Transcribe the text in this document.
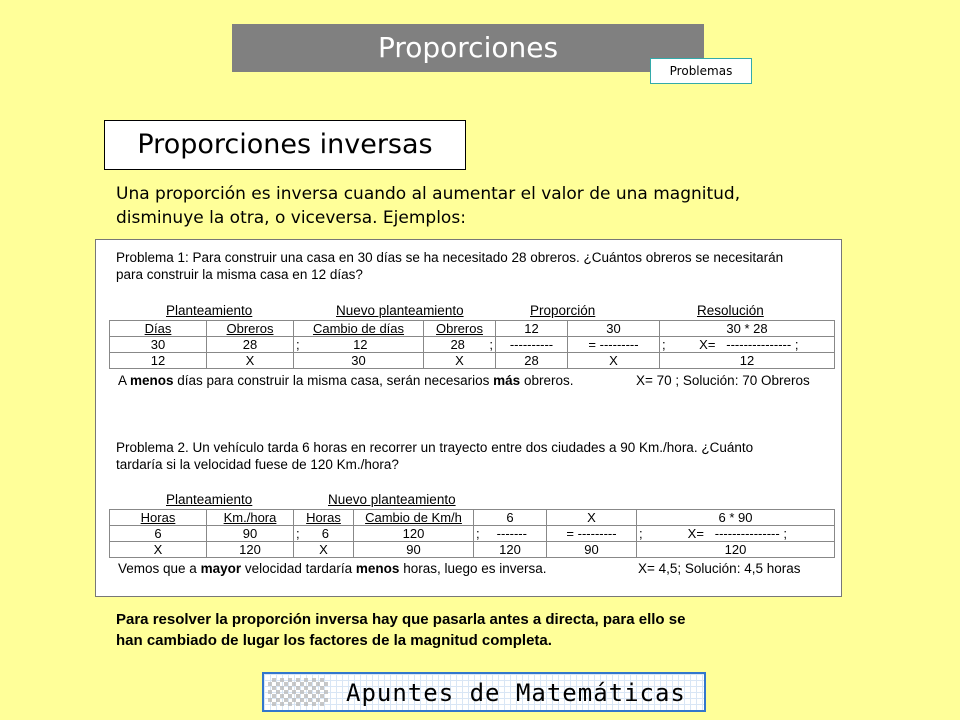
Proporciones
Problemas
Proporciones inversas
Una proporción es inversa cuando al aumentar el valor de una magnitud,
disminuye la otra, o viceversa. Ejemplos:
Problema 1: Para construir una casa en 30 días se ha necesitado 28 obreros. ¿Cuántos obreros se necesitarán
para construir la misma casa en 12 días?
Planteamiento	Nuevo planteamiento	Proporción	Resolución
Días	Obreros	Cambio de días	Obreros	12	30	30 * 28
30	28	; 12	28 ;	----------	= ---------	; X= --------------- ;
12	X	30	X	28	X	12
A menos días para construir la misma casa, serán necesarios más obreros.	X= 70 ; Solución: 70 Obreros
Problema 2. Un vehículo tarda 6 horas en recorrer un trayecto entre dos ciudades a 90 Km./hora. ¿Cuánto
tardaría si la velocidad fuese de 120 Km./hora?
Planteamiento	Nuevo planteamiento
Horas	Km./hora	Horas	Cambio de Km/h	6	X	6 * 90
6	90	; 6	120	; -------	= ---------	; X= --------------- ;
X	120	X	90	120	90	120
Vemos que a mayor velocidad tardaría menos horas, luego es inversa.	X= 4,5; Solución: 4,5 horas
Para resolver la proporción inversa hay que pasarla antes a directa, para ello se
han cambiado de lugar los factores de la magnitud completa.
Apuntes de Matemáticas
